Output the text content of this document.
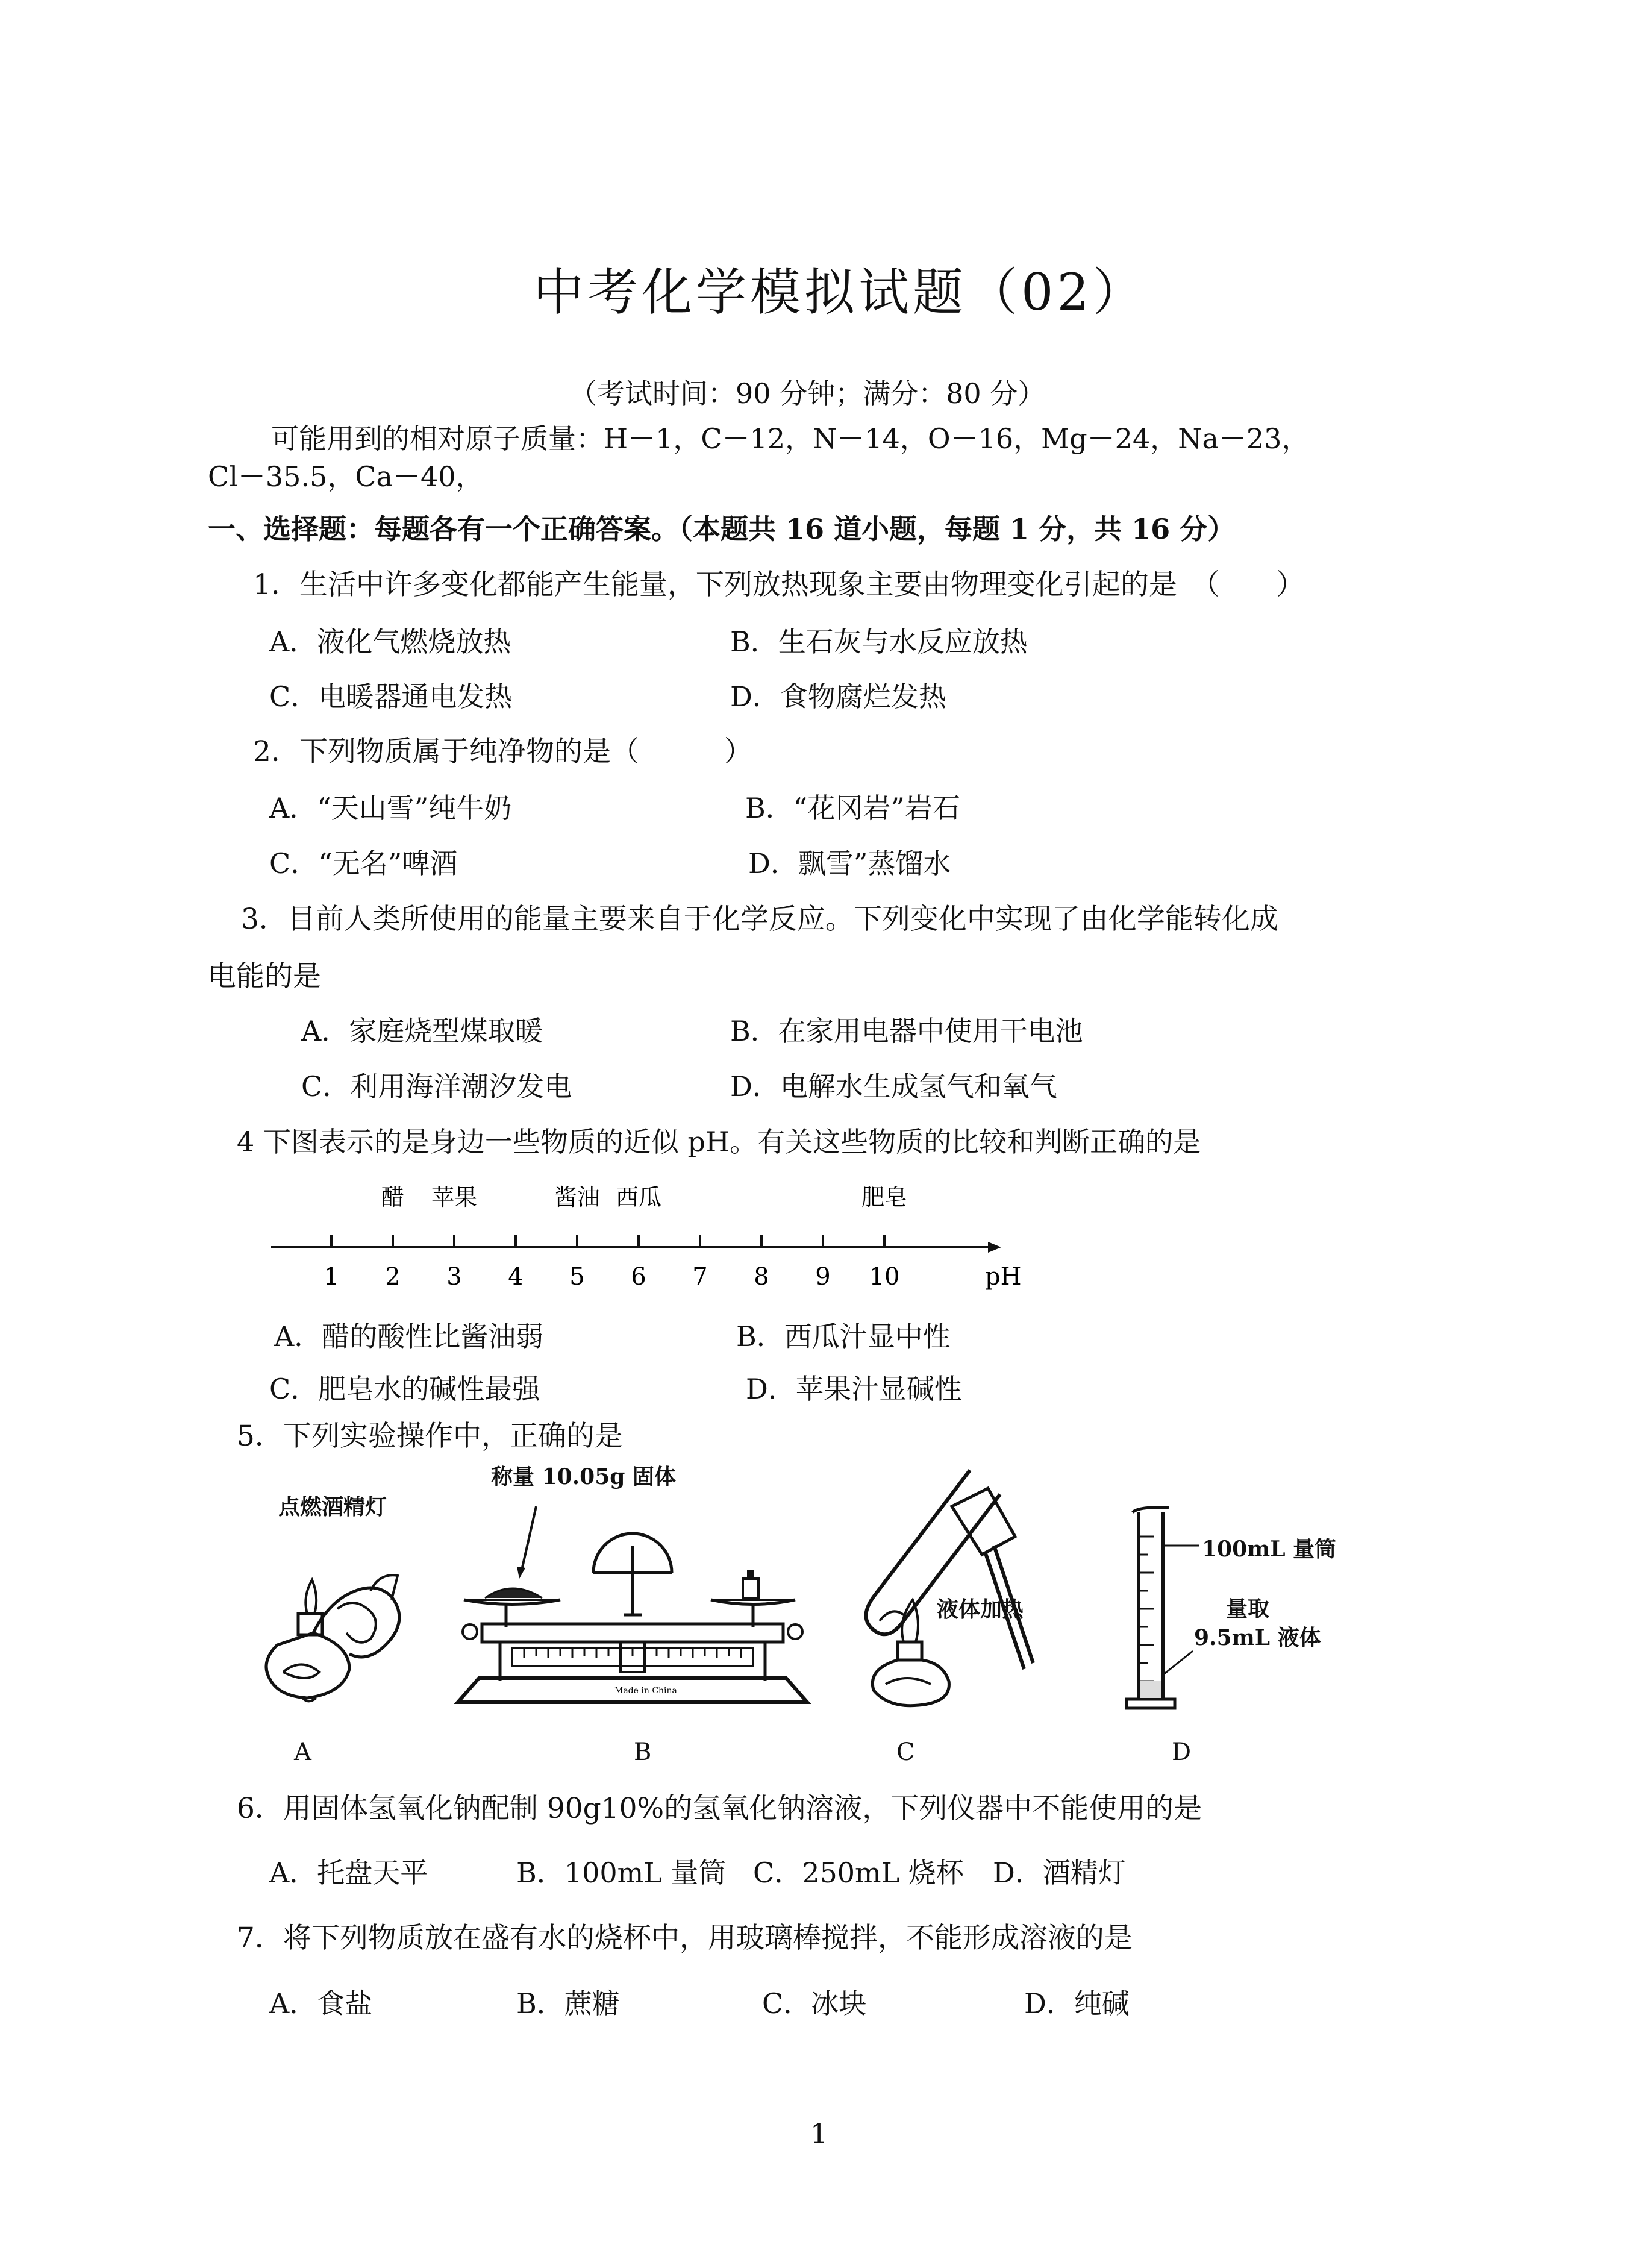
中考化学模拟试题（02）
（考试时间：90 分钟；满分：80 分）
可能用到的相对原子质量：H－1，C－12，N－14，O－16，Mg－24，Na－23，
Cl－35.5，Ca－40，
一、选择题：每题各有一个正确答案。（本题共 16 道小题，每题 1 分，共 16 分）
1．生活中许多变化都能产生能量，下列放热现象主要由物理变化引起的是　（　　）
A．液化气燃烧放热	B．生石灰与水反应放热
C．电暖器通电发热	D．食物腐烂发热
2．下列物质属于纯净物的是（　　　）
A．“天山雪”纯牛奶	B．“花冈岩”岩石
C．“无名”啤酒	D．飘雪”蒸馏水
3．目前人类所使用的能量主要来自于化学反应。下列变化中实现了由化学能转化成
电能的是
A．家庭烧型煤取暖	B．在家用电器中使用干电池
C．利用海洋潮汐发电	D．电解水生成氢气和氧气
4 下图表示的是身边一些物质的近似 pH。有关这些物质的比较和判断正确的是
1 2 3 4 5 6 7 8 9 10
醋 苹果	酱油 西瓜	肥皂
pH
A．醋的酸性比酱油弱	B．西瓜汁显中性
C．肥皂水的碱性最强	D．苹果汁显碱性
5．下列实验操作中，正确的是
点燃酒精灯
A
称量 10.05g 固体
Made in China
B
液体加热
C
100mL 量筒
量取
9.5mL 液体
D
6．用固体氢氧化钠配制 90g10%的氢氧化钠溶液，下列仪器中不能使用的是
A．托盘天平	B．100mL 量筒 C．250mL 烧杯 D．酒精灯
7．将下列物质放在盛有水的烧杯中，用玻璃棒搅拌，不能形成溶液的是
A．食盐	B．蔗糖	C．冰块	D．纯碱
1
